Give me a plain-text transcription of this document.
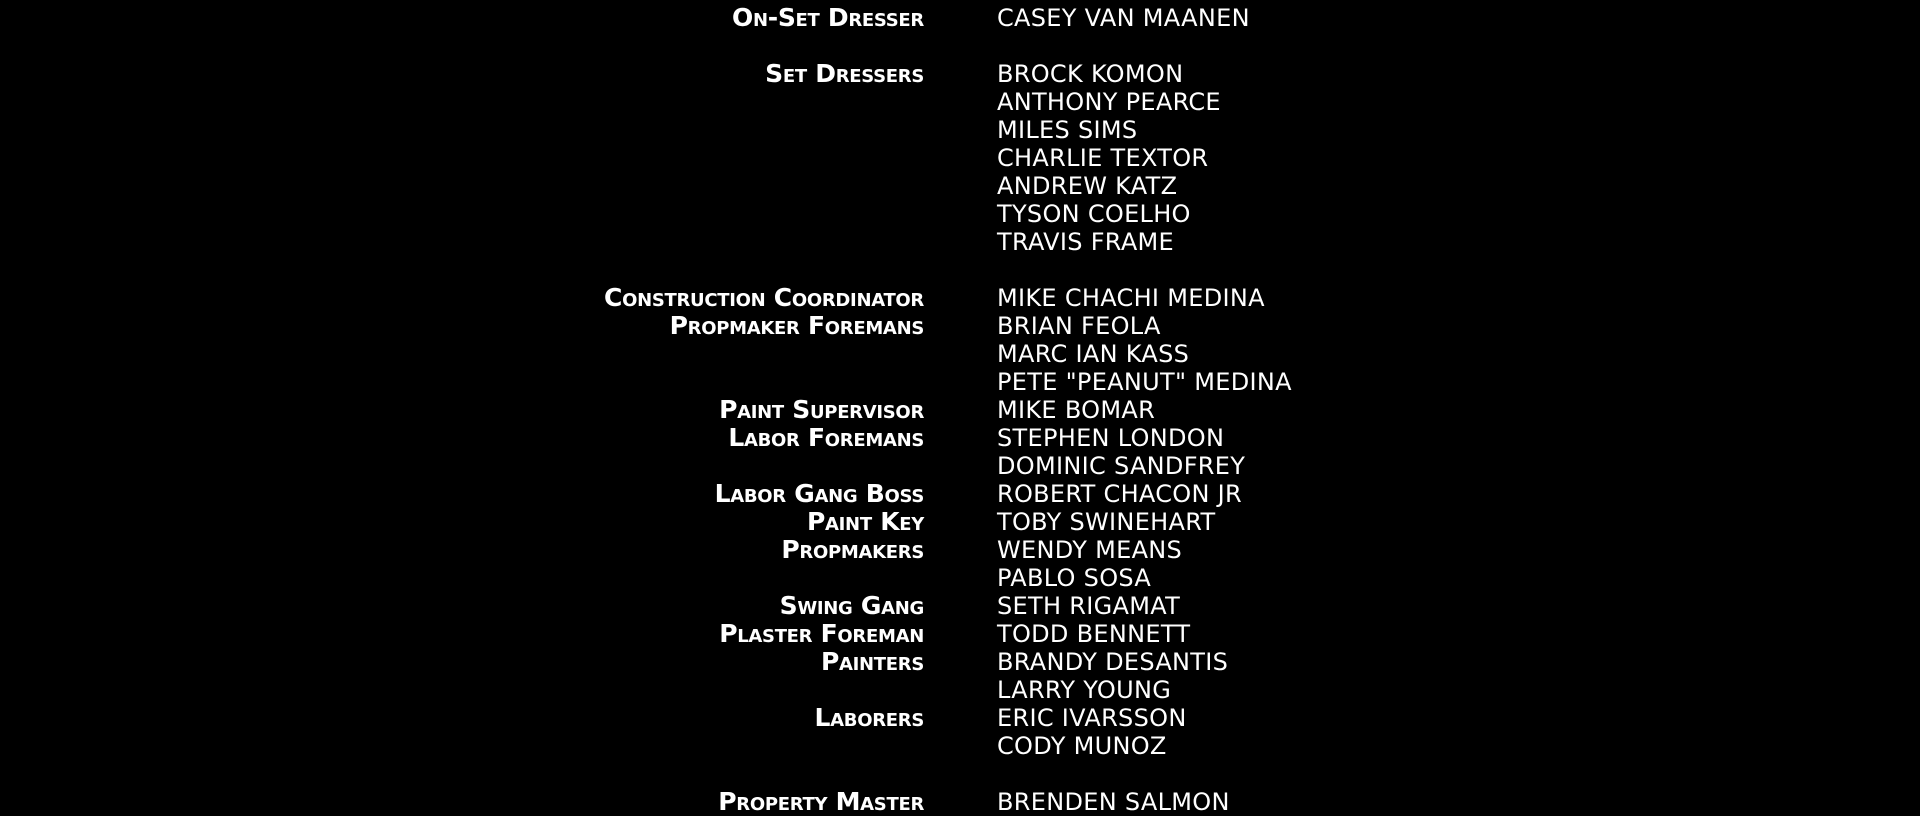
On-Set Dresser	CASEY VAN MAANEN
Set Dressers	BROCK KOMON
ANTHONY PEARCE
MILES SIMS
CHARLIE TEXTOR
ANDREW KATZ
TYSON COELHO
TRAVIS FRAME
Construction Coordinator	MIKE CHACHI MEDINA
Propmaker Foremans	BRIAN FEOLA
MARC IAN KASS
PETE "PEANUT" MEDINA
Paint Supervisor	MIKE BOMAR
Labor Foremans	STEPHEN LONDON
DOMINIC SANDFREY
Labor Gang Boss	ROBERT CHACON JR
Paint Key	TOBY SWINEHART
Propmakers	WENDY MEANS
PABLO SOSA
Swing Gang	SETH RIGAMAT
Plaster Foreman	TODD BENNETT
Painters	BRANDY DESANTIS
LARRY YOUNG
Laborers	ERIC IVARSSON
CODY MUNOZ
Property Master	BRENDEN SALMON
